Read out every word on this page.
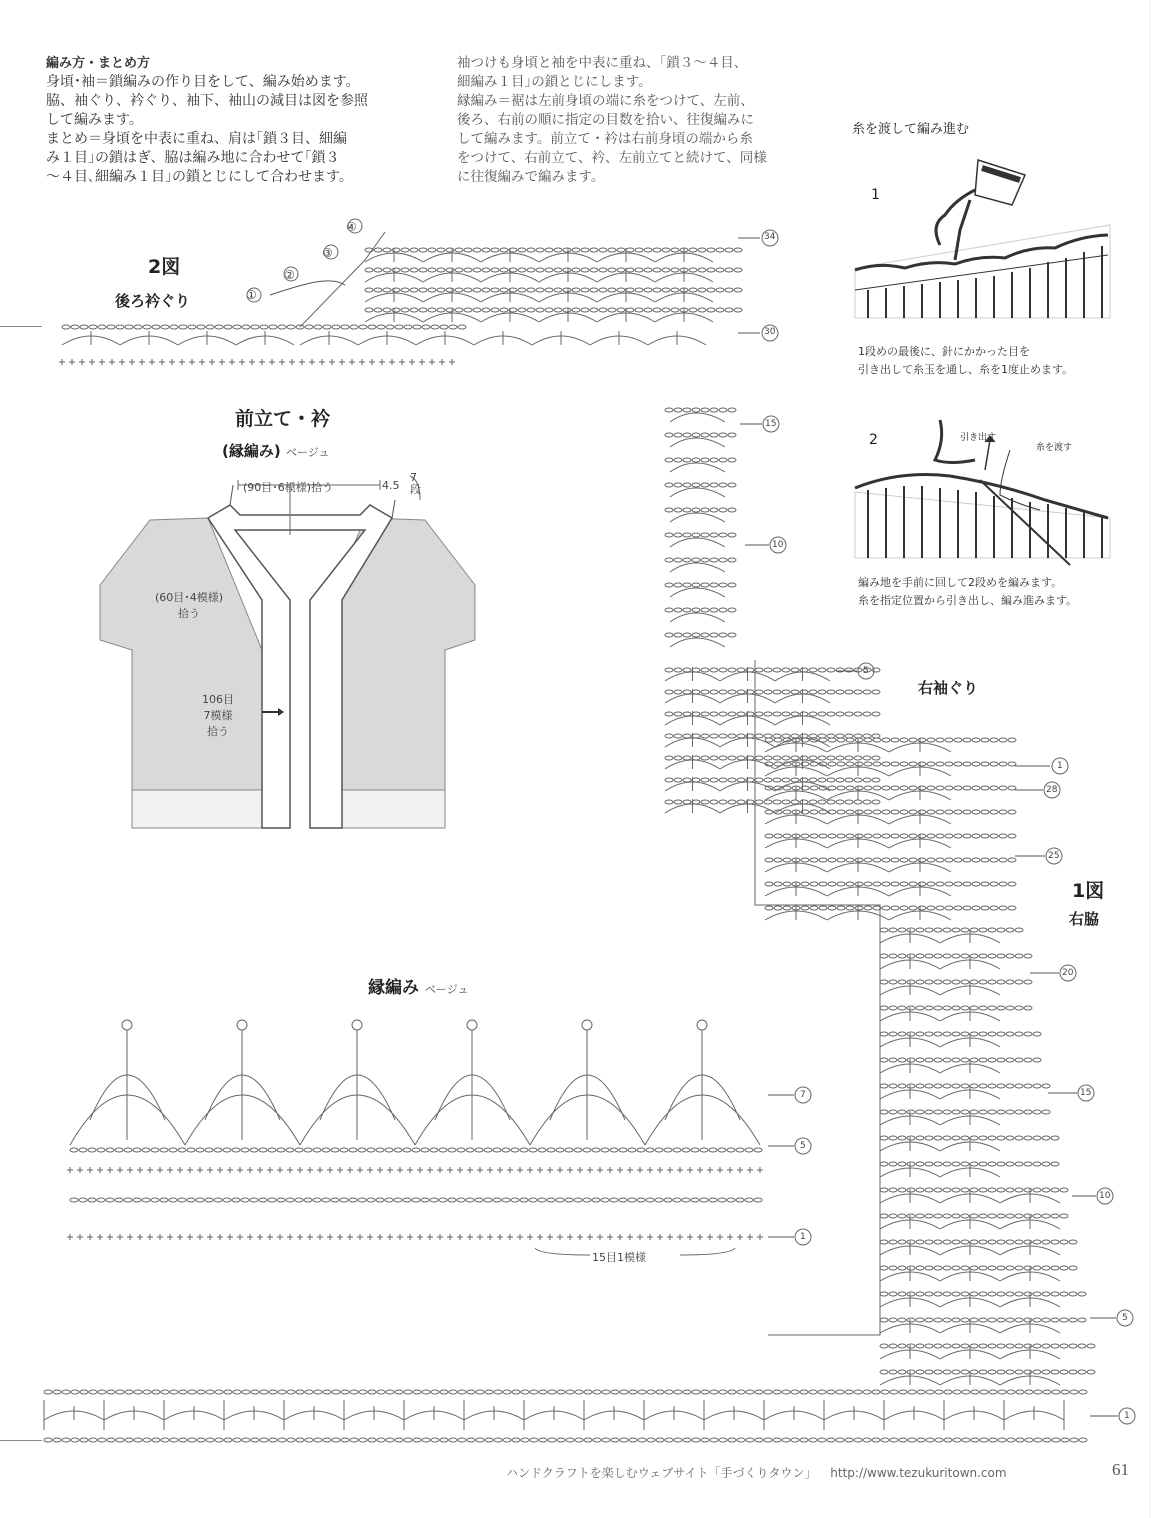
編み方・まとめ方
身頃･袖＝鎖編みの作り目をして、編み始めます。
脇、袖ぐり、衿ぐり、袖下、袖山の減目は図を参照
して編みます。
まとめ＝身頃を中表に重ね、肩は｢鎖３目、細編
み１目｣の鎖はぎ、脇は編み地に合わせて｢鎖３
～４目､細編み１目｣の鎖とじにして合わせます。
袖つけも身頃と袖を中表に重ね、｢鎖３～４目、
細編み１目｣の鎖とじにします。
縁編み＝裾は左前身頃の端に糸をつけて、左前、
後ろ、右前の順に指定の目数を拾い、往復編みに
して編みます。前立て・衿は右前身頃の端から糸
をつけて、右前立て、衿、左前立てと続けて、同様
に往復編みで編みます。
2図
後ろ衿ぐり
④
③
②
①
34
30
前立て・衿
(縁編み) ベージュ
(90目･6模様)拾う	4.5
7段
(60目･4模様)
拾う
106目
7模様
拾う
糸を渡して編み進む
1
1段めの最後に、針にかかった目を
引き出して糸玉を通し、糸を1度止めます。
2	引き出す
糸を渡す
編み地を手前に回して2段めを編みます。
糸を指定位置から引き出し、編み進みます。
右袖ぐり
1図
右脇
15
10
5
1
28
25
20
15
10
5
1
縁編み ベージュ
7
5
1
15目1模様
ハンドクラフトを楽しむウェブサイト「手づくりタウン」 http://www.tezukuritown.com	61
